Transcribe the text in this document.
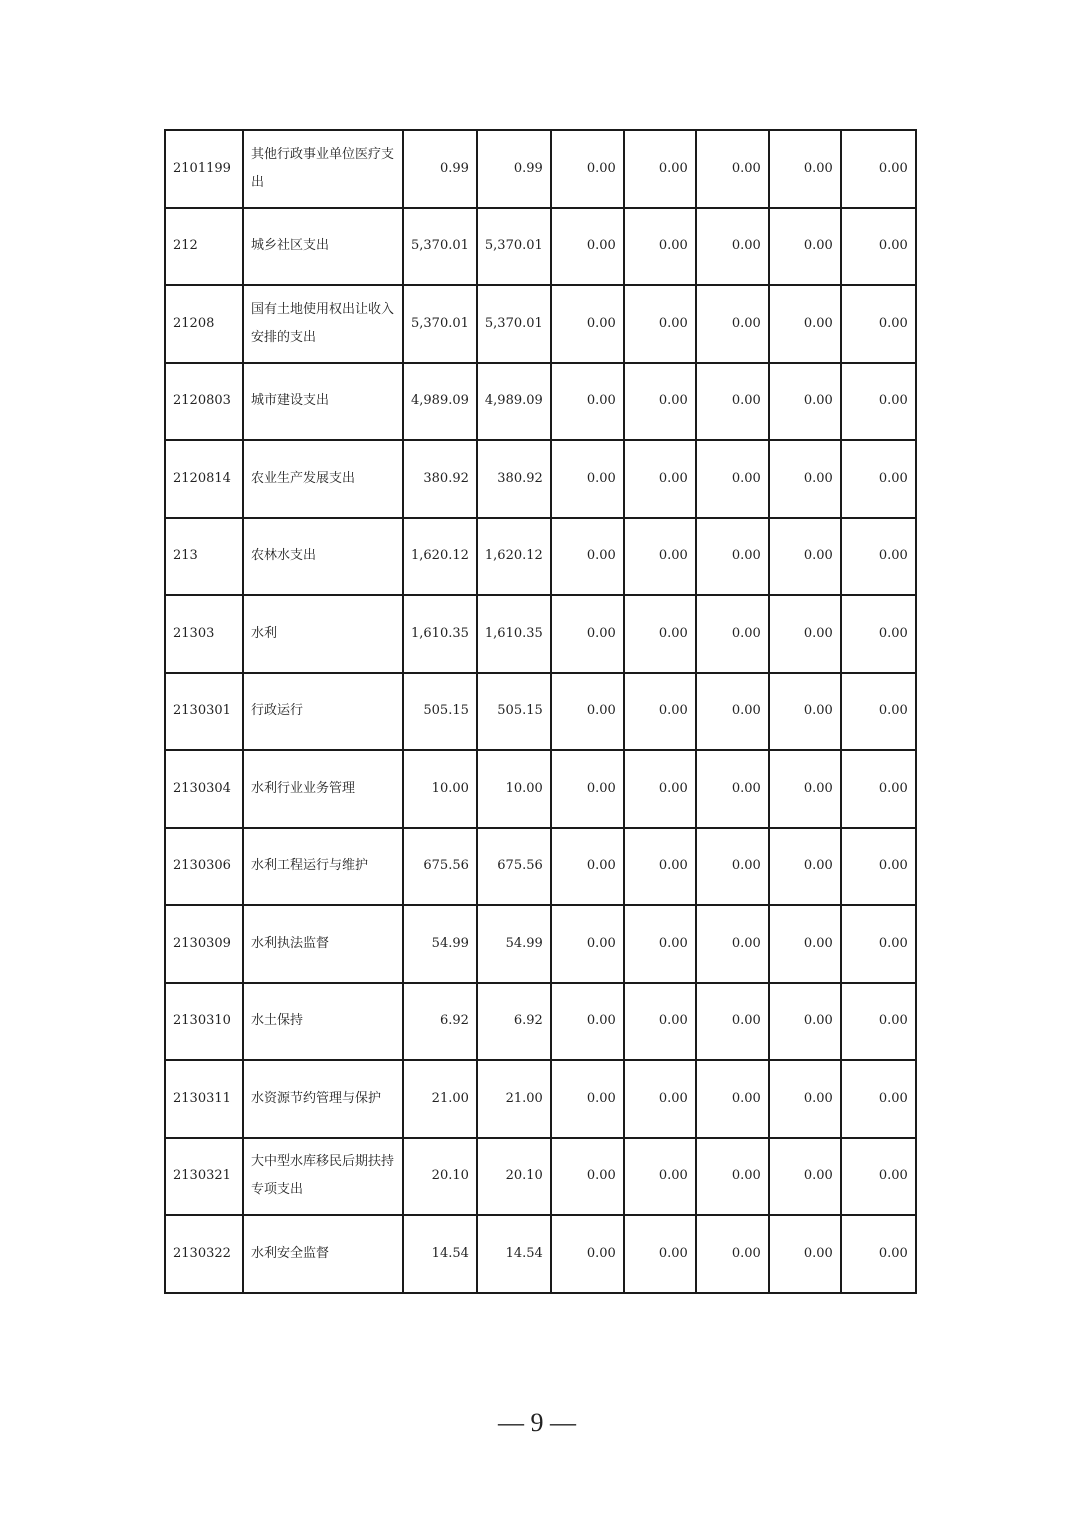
2101199	其他行政事业单位医疗支出	0.99	0.99	0.00	0.00	0.00	0.00	0.00
212	城乡社区支出	5,370.01	5,370.01	0.00	0.00	0.00	0.00	0.00
21208	国有土地使用权出让收入安排的支出	5,370.01	5,370.01	0.00	0.00	0.00	0.00	0.00
2120803	城市建设支出	4,989.09	4,989.09	0.00	0.00	0.00	0.00	0.00
2120814	农业生产发展支出	380.92	380.92	0.00	0.00	0.00	0.00	0.00
213	农林水支出	1,620.12	1,620.12	0.00	0.00	0.00	0.00	0.00
21303	水利	1,610.35	1,610.35	0.00	0.00	0.00	0.00	0.00
2130301	行政运行	505.15	505.15	0.00	0.00	0.00	0.00	0.00
2130304	水利行业业务管理	10.00	10.00	0.00	0.00	0.00	0.00	0.00
2130306	水利工程运行与维护	675.56	675.56	0.00	0.00	0.00	0.00	0.00
2130309	水利执法监督	54.99	54.99	0.00	0.00	0.00	0.00	0.00
2130310	水土保持	6.92	6.92	0.00	0.00	0.00	0.00	0.00
2130311	水资源节约管理与保护	21.00	21.00	0.00	0.00	0.00	0.00	0.00
2130321	大中型水库移民后期扶持专项支出	20.10	20.10	0.00	0.00	0.00	0.00	0.00
2130322	水利安全监督	14.54	14.54	0.00	0.00	0.00	0.00	0.00
— 9 —
